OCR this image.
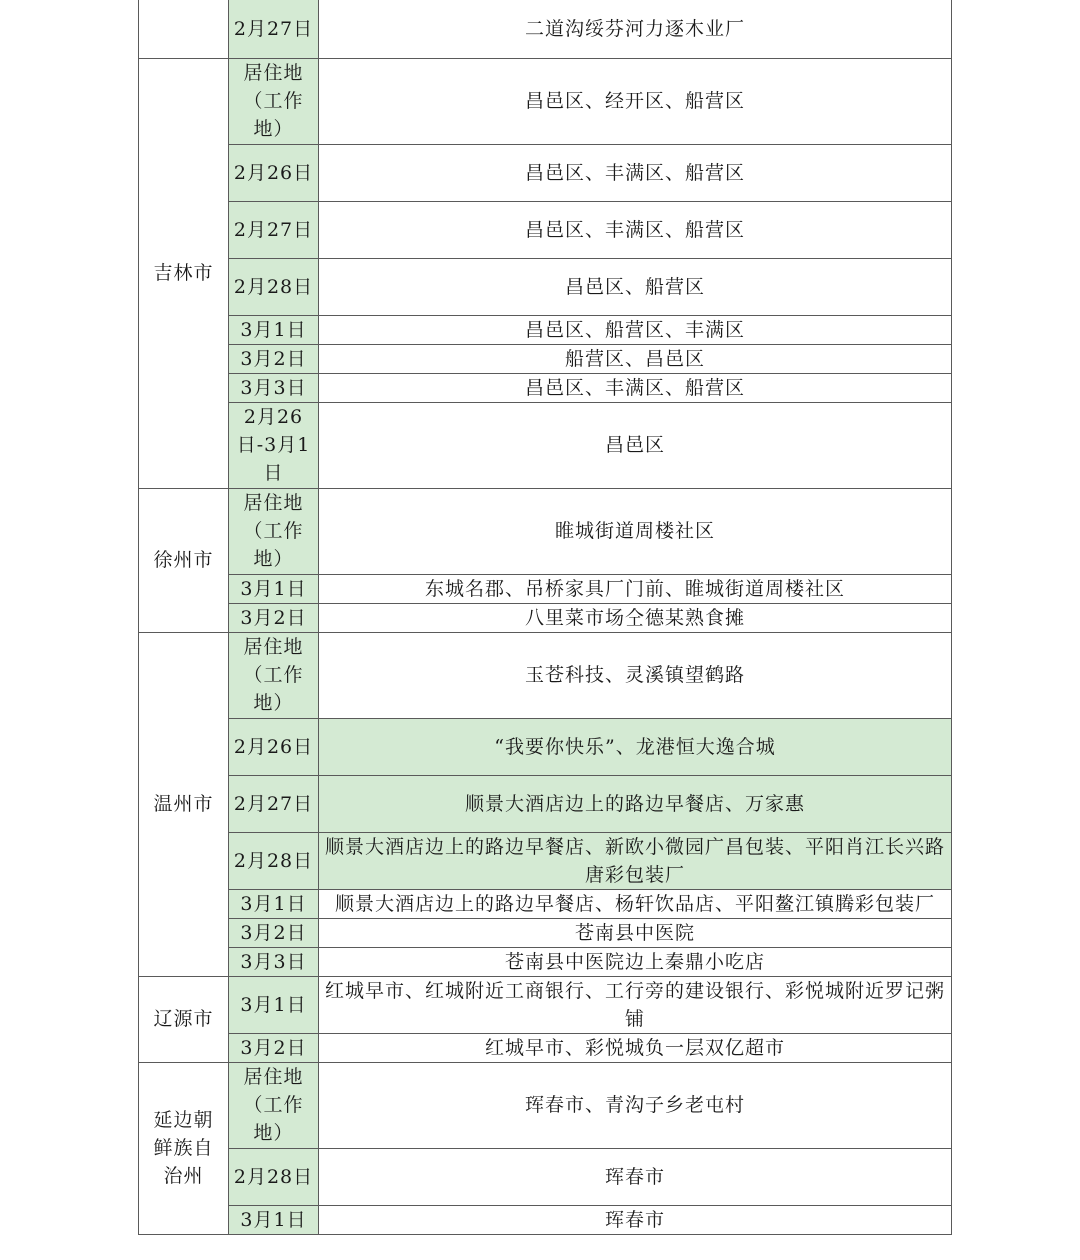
	2月27日	二道沟绥芬河力逐木业厂

吉林市	居住地（工作地）	昌邑区、经开区、船营区

	2月26日	昌邑区、丰满区、船营区

	2月27日	昌邑区、丰满区、船营区

	2月28日	昌邑区、船营区

	3月1日	昌邑区、船营区、丰满区

	3月2日	船营区、昌邑区

	3月3日	昌邑区、丰满区、船营区

	2月26日-3月1日	昌邑区

徐州市	居住地（工作地）	睢城街道周楼社区

	3月1日	东城名郡、吊桥家具厂门前、睢城街道周楼社区

	3月2日	八里菜市场仝德某熟食摊

温州市	居住地（工作地）	玉苍科技、灵溪镇望鹤路

	2月26日	“我要你快乐”、龙港恒大逸合城

	2月27日	顺景大酒店边上的路边早餐店、万家惠

	2月28日	顺景大酒店边上的路边早餐店、新欧小微园广昌包装、平阳肖江长兴路唐彩包装厂

	3月1日	顺景大酒店边上的路边早餐店、杨轩饮品店、平阳鳌江镇腾彩包装厂

	3月2日	苍南县中医院

	3月3日	苍南县中医院边上秦鼎小吃店

辽源市	3月1日	红城早市、红城附近工商银行、工行旁的建设银行、彩悦城附近罗记粥铺

	3月2日	红城早市、彩悦城负一层双亿超市

延边朝鲜族自治州	居住地（工作地）	珲春市、青沟子乡老屯村

	2月28日	珲春市

	3月1日	珲春市
